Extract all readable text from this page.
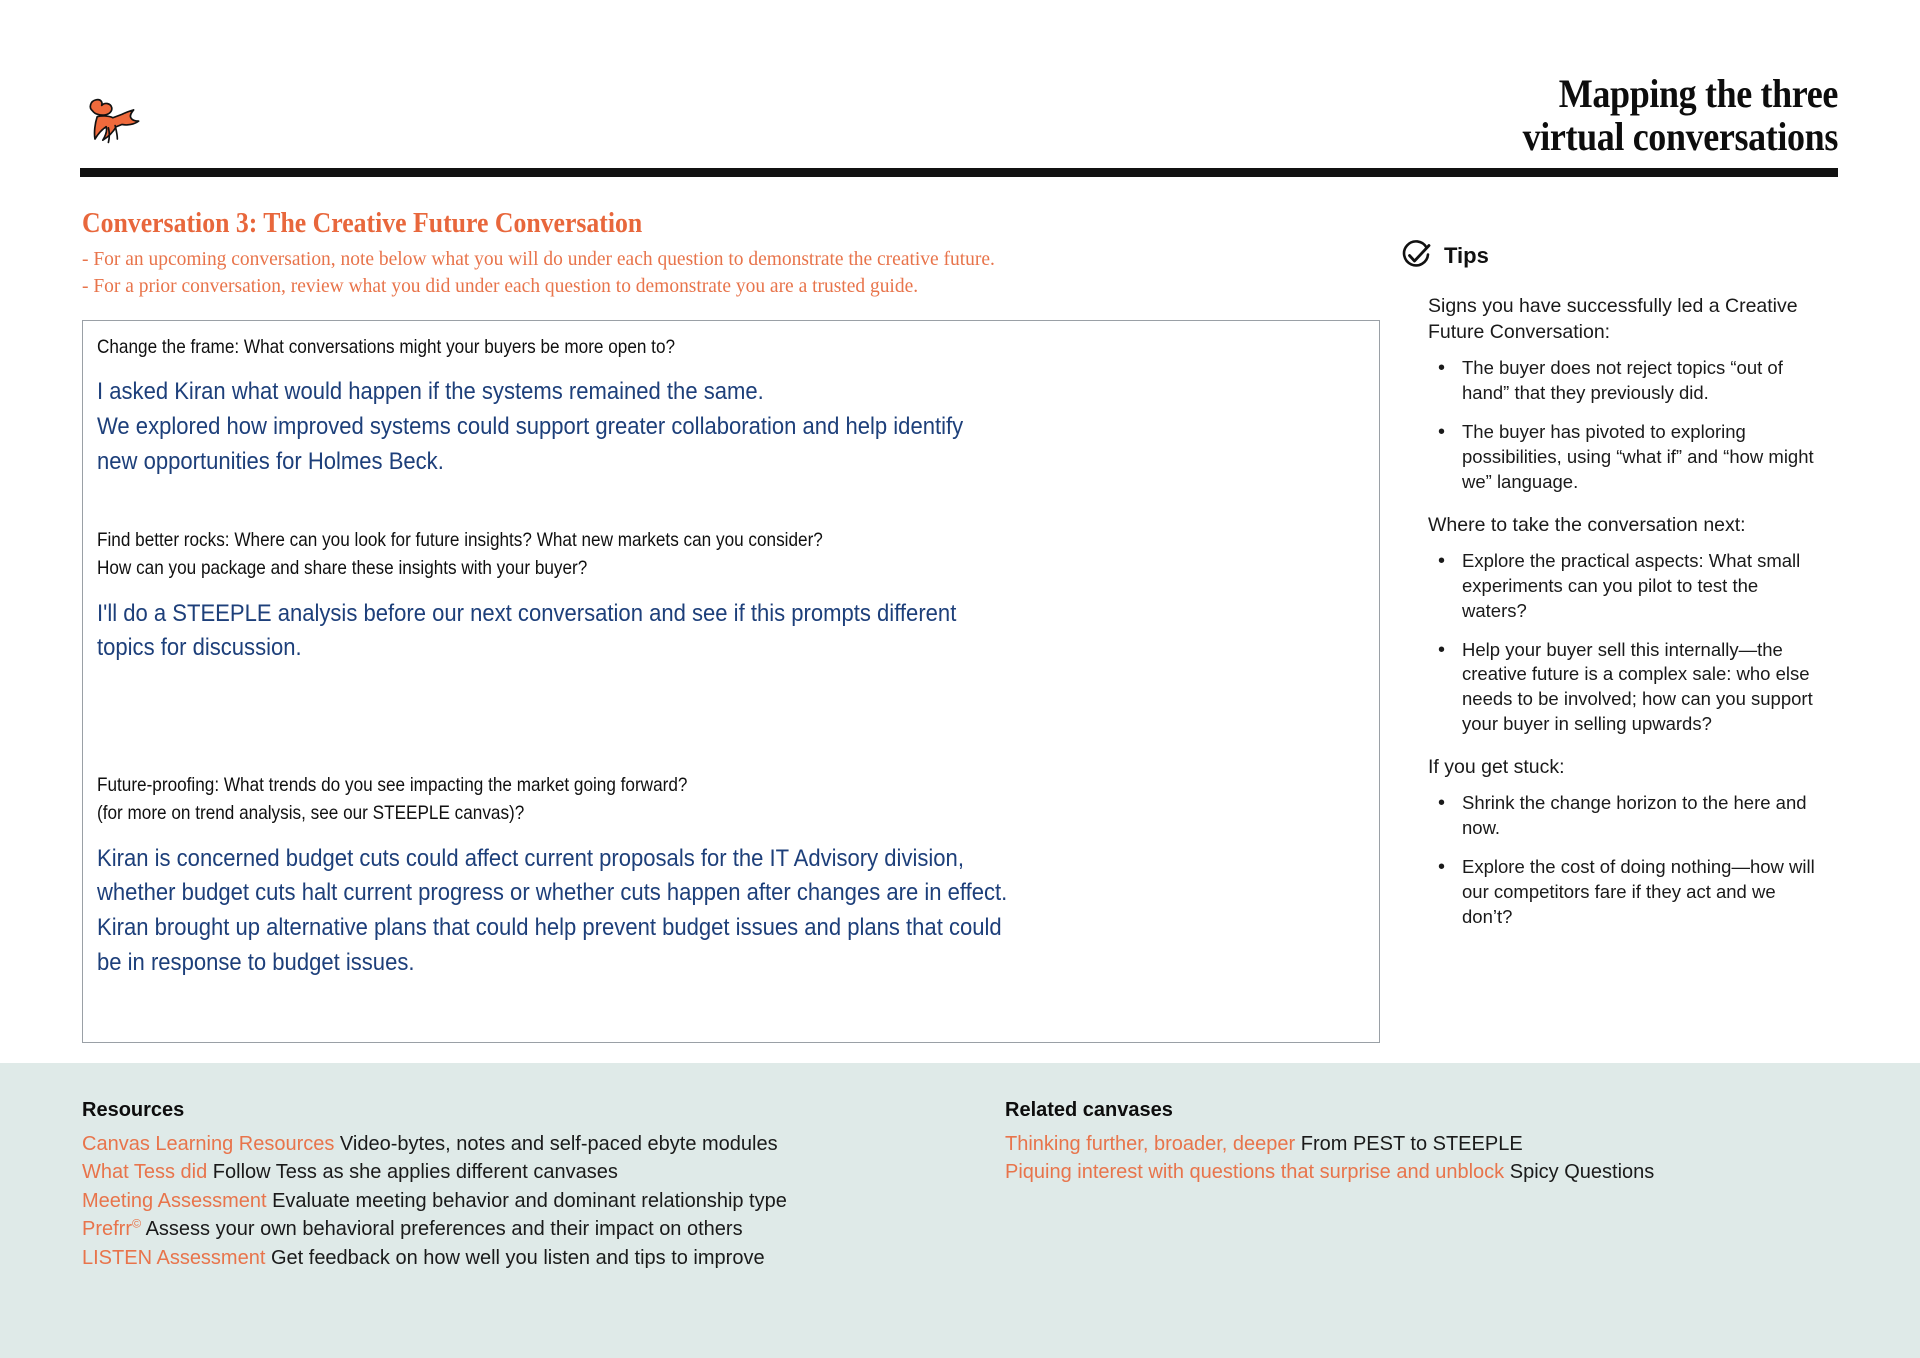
Mapping the three
virtual conversations
Conversation 3: The Creative Future Conversation
- For an upcoming conversation, note below what you will do under each question to demonstrate the creative future.
- For a prior conversation, review what you did under each question to demonstrate you are a trusted guide.
Change the frame: What conversations might your buyers be more open to?
I asked Kiran what would happen if the systems remained the same.
We explored how improved systems could support greater collaboration and help identify
new opportunities for Holmes Beck.
Find better rocks: Where can you look for future insights? What new markets can you consider?
How can you package and share these insights with your buyer?
I'll do a STEEPLE analysis before our next conversation and see if this prompts different
topics for discussion.
Future-proofing: What trends do you see impacting the market going forward?
(for more on trend analysis, see our STEEPLE canvas)?
Kiran is concerned budget cuts could affect current proposals for the IT Advisory division,
whether budget cuts halt current progress or whether cuts happen after changes are in effect.
Kiran brought up alternative plans that could help prevent budget issues and plans that could
be in response to budget issues.
Tips

Signs you have successfully led a Creative Future Conversation:

• The buyer does not reject topics “out of hand” that they previously did.
• The buyer has pivoted to exploring possibilities, using “what if” and “how might we” language.

Where to take the conversation next:

• Explore the practical aspects: What small experiments can you pilot to test the waters?
• Help your buyer sell this internally—the creative future is a complex sale: who else needs to be involved; how can you support your buyer in selling upwards?

If you get stuck:

• Shrink the change horizon to the here and now.
• Explore the cost of doing nothing—how will our competitors fare if they act and we don’t?
Resources
Canvas Learning Resources Video-bytes, notes and self-paced ebyte modules
What Tess did Follow Tess as she applies different canvases
Meeting Assessment Evaluate meeting behavior and dominant relationship type
Prefrr© Assess your own behavioral preferences and their impact on others
LISTEN Assessment Get feedback on how well you listen and tips to improve
Related canvases
Thinking further, broader, deeper From PEST to STEEPLE
Piquing interest with questions that surprise and unblock Spicy Questions
